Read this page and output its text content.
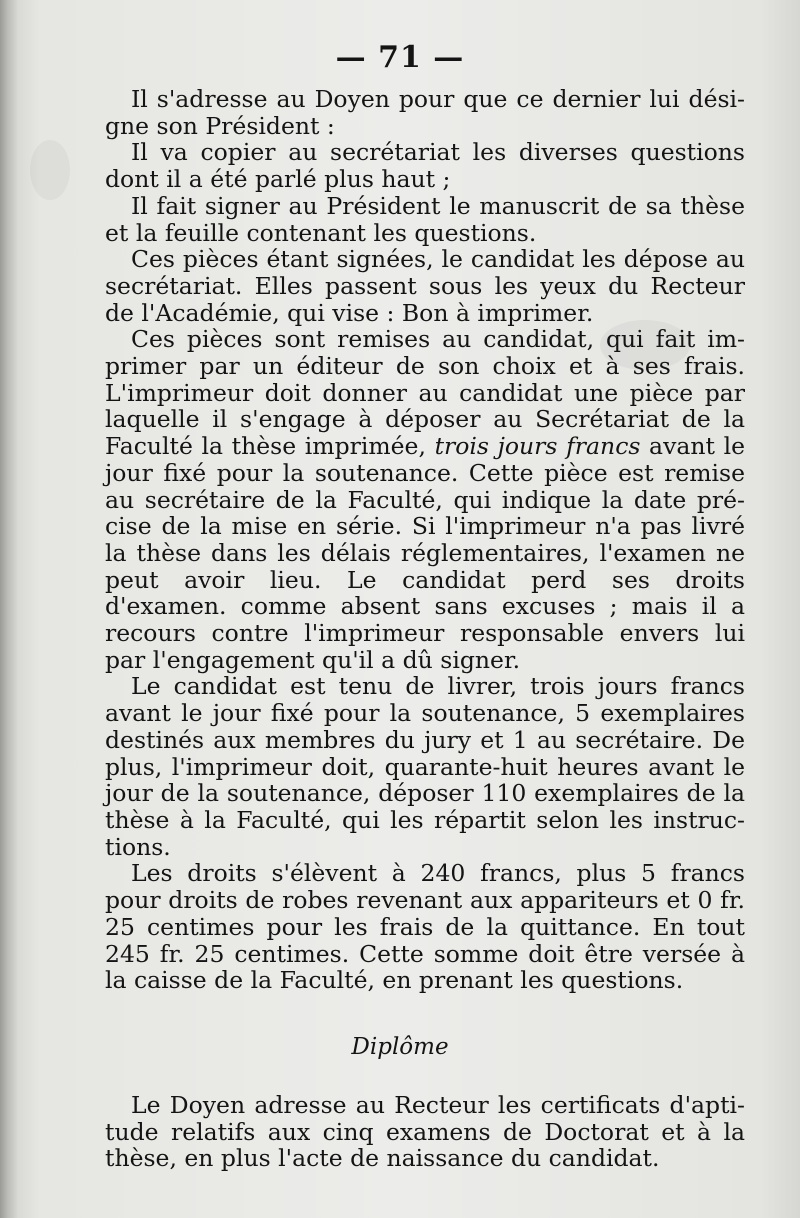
— 71 —

Il s'adresse au Doyen pour que ce dernier lui dési-gne son Président :

Il va copier au secrétariat les diverses questions dont il a été parlé plus haut ;

Il fait signer au Président le manuscrit de sa thèse et la feuille contenant les questions.

Ces pièces étant signées, le candidat les dépose au secrétariat. Elles passent sous les yeux du Recteur de l'Académie, qui vise : Bon à imprimer.

Ces pièces sont remises au candidat, qui fait im-primer par un éditeur de son choix et à ses frais. L'imprimeur doit donner au candidat une pièce par laquelle il s'engage à déposer au Secrétariat de la Faculté la thèse imprimée, trois jours francs avant le jour fixé pour la soutenance. Cette pièce est remise au secrétaire de la Faculté, qui indique la date pré-cise de la mise en série. Si l'imprimeur n'a pas livré la thèse dans les délais réglementaires, l'examen ne peut avoir lieu. Le candidat perd ses droits d'examen. comme absent sans excuses ; mais il a recours contre l'imprimeur responsable envers lui par l'engagement qu'il a dû signer.

Le candidat est tenu de livrer, trois jours francs avant le jour fixé pour la soutenance, 5 exemplaires destinés aux membres du jury et 1 au secrétaire. De plus, l'imprimeur doit, quarante-huit heures avant le jour de la soutenance, déposer 110 exemplaires de la thèse à la Faculté, qui les répartit selon les instruc-tions.

Les droits s'élèvent à 240 francs, plus 5 francs pour droits de robes revenant aux appariteurs et 0 fr. 25 centimes pour les frais de la quittance. En tout 245 fr. 25 centimes. Cette somme doit être versée à la caisse de la Faculté, en prenant les questions.

Diplôme

Le Doyen adresse au Recteur les certificats d'apti-tude relatifs aux cinq examens de Doctorat et à la thèse, en plus l'acte de naissance du candidat.
